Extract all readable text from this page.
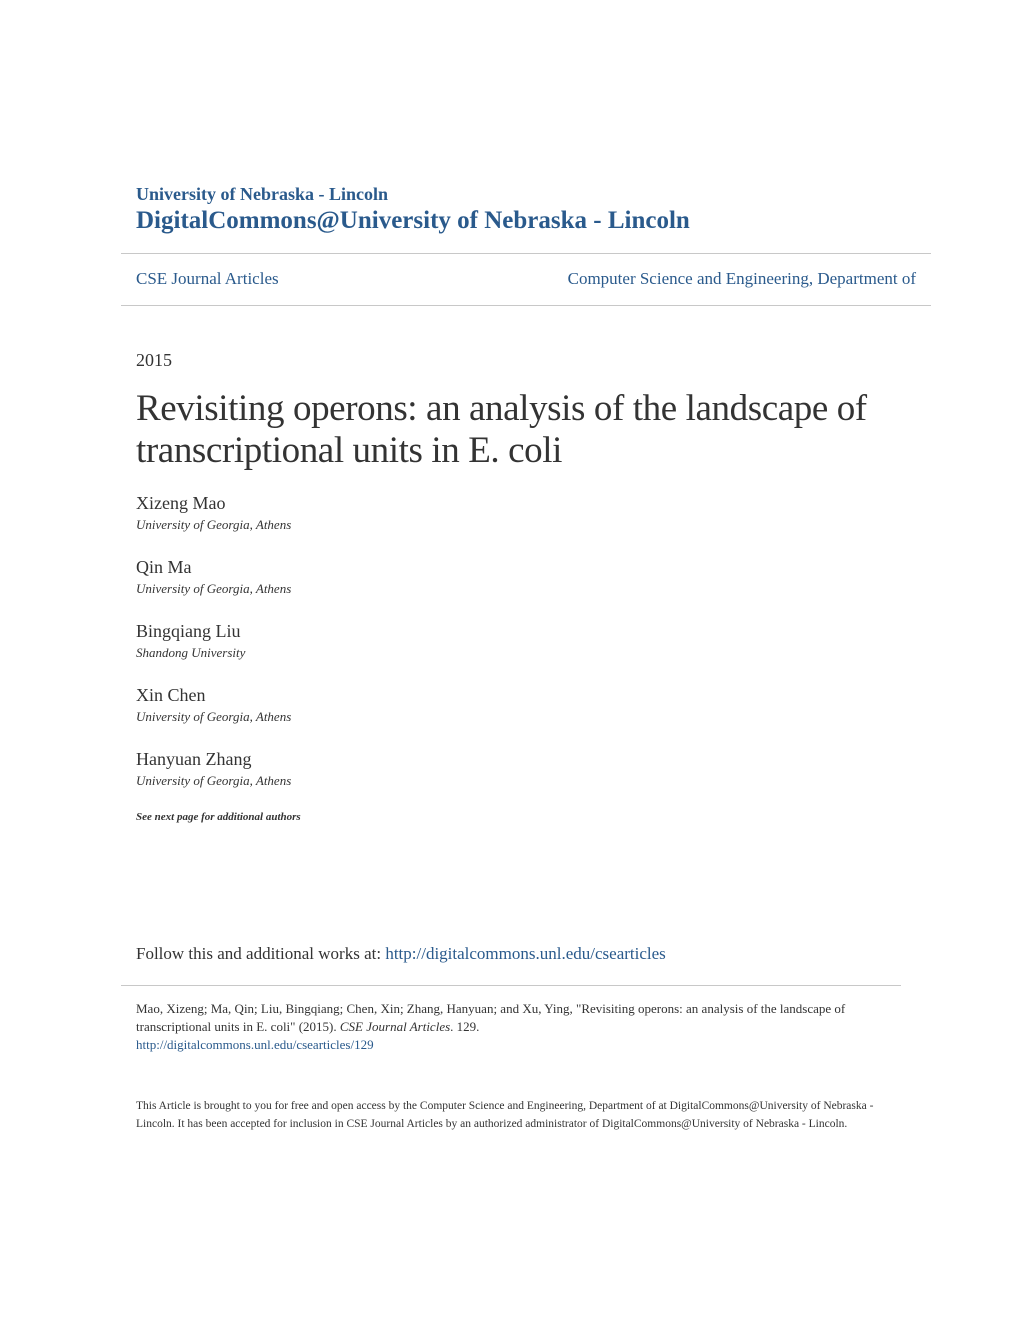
University of Nebraska - Lincoln
DigitalCommons@University of Nebraska - Lincoln
CSE Journal Articles	Computer Science and Engineering, Department of
2015
Revisiting operons: an analysis of the landscape of transcriptional units in E. coli
Xizeng Mao
University of Georgia, Athens
Qin Ma
University of Georgia, Athens
Bingqiang Liu
Shandong University
Xin Chen
University of Georgia, Athens
Hanyuan Zhang
University of Georgia, Athens
See next page for additional authors
Follow this and additional works at: http://digitalcommons.unl.edu/csearticles
Mao, Xizeng; Ma, Qin; Liu, Bingqiang; Chen, Xin; Zhang, Hanyuan; and Xu, Ying, "Revisiting operons: an analysis of the landscape of transcriptional units in E. coli" (2015). CSE Journal Articles. 129.
http://digitalcommons.unl.edu/csearticles/129
This Article is brought to you for free and open access by the Computer Science and Engineering, Department of at DigitalCommons@University of Nebraska - Lincoln. It has been accepted for inclusion in CSE Journal Articles by an authorized administrator of DigitalCommons@University of Nebraska - Lincoln.
